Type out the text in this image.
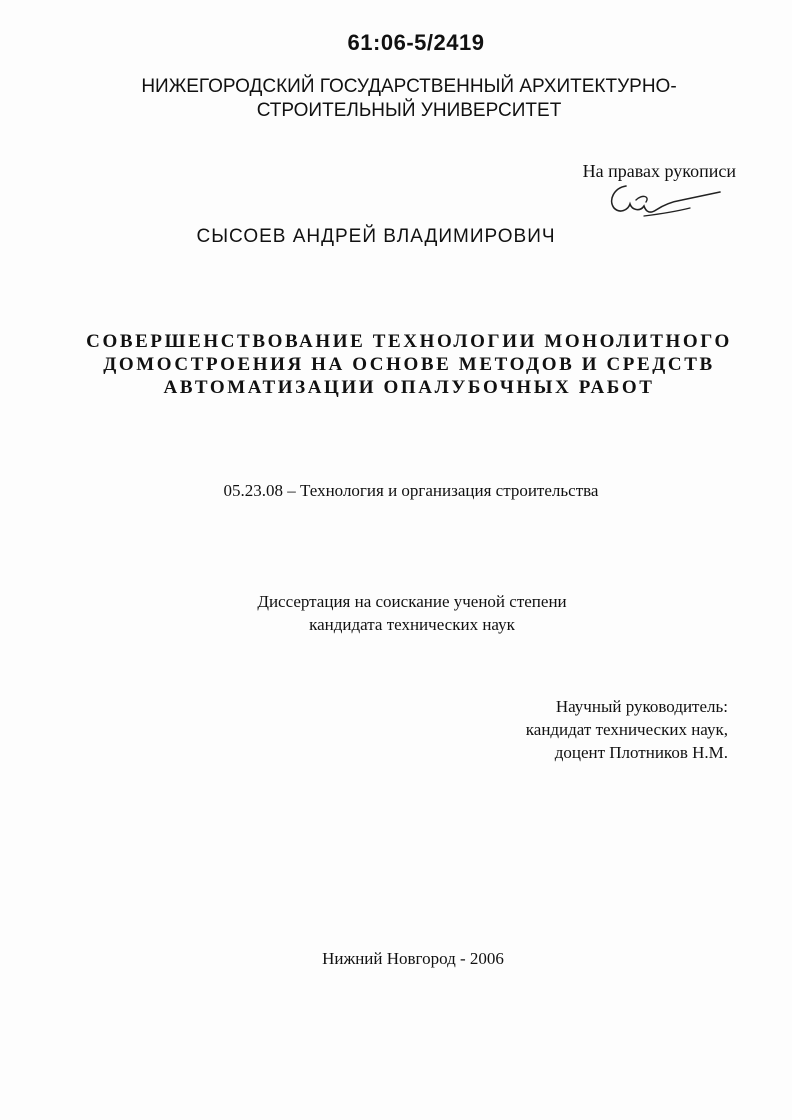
61:06-5/2419
НИЖЕГОРОДСКИЙ ГОСУДАРСТВЕННЫЙ АРХИТЕКТУРНО-
СТРОИТЕЛЬНЫЙ УНИВЕРСИТЕТ
На правах рукописи
СЫСОЕВ АНДРЕЙ ВЛАДИМИРОВИЧ
СОВЕРШЕНСТВОВАНИЕ ТЕХНОЛОГИИ МОНОЛИТНОГО
ДОМОСТРОЕНИЯ НА ОСНОВЕ МЕТОДОВ И СРЕДСТВ
АВТОМАТИЗАЦИИ ОПАЛУБОЧНЫХ РАБОТ
05.23.08 – Технология и организация строительства
Диссертация на соискание ученой степени
кандидата технических наук
Научный руководитель:
кандидат технических наук,
доцент Плотников Н.М.
Нижний Новгород - 2006
